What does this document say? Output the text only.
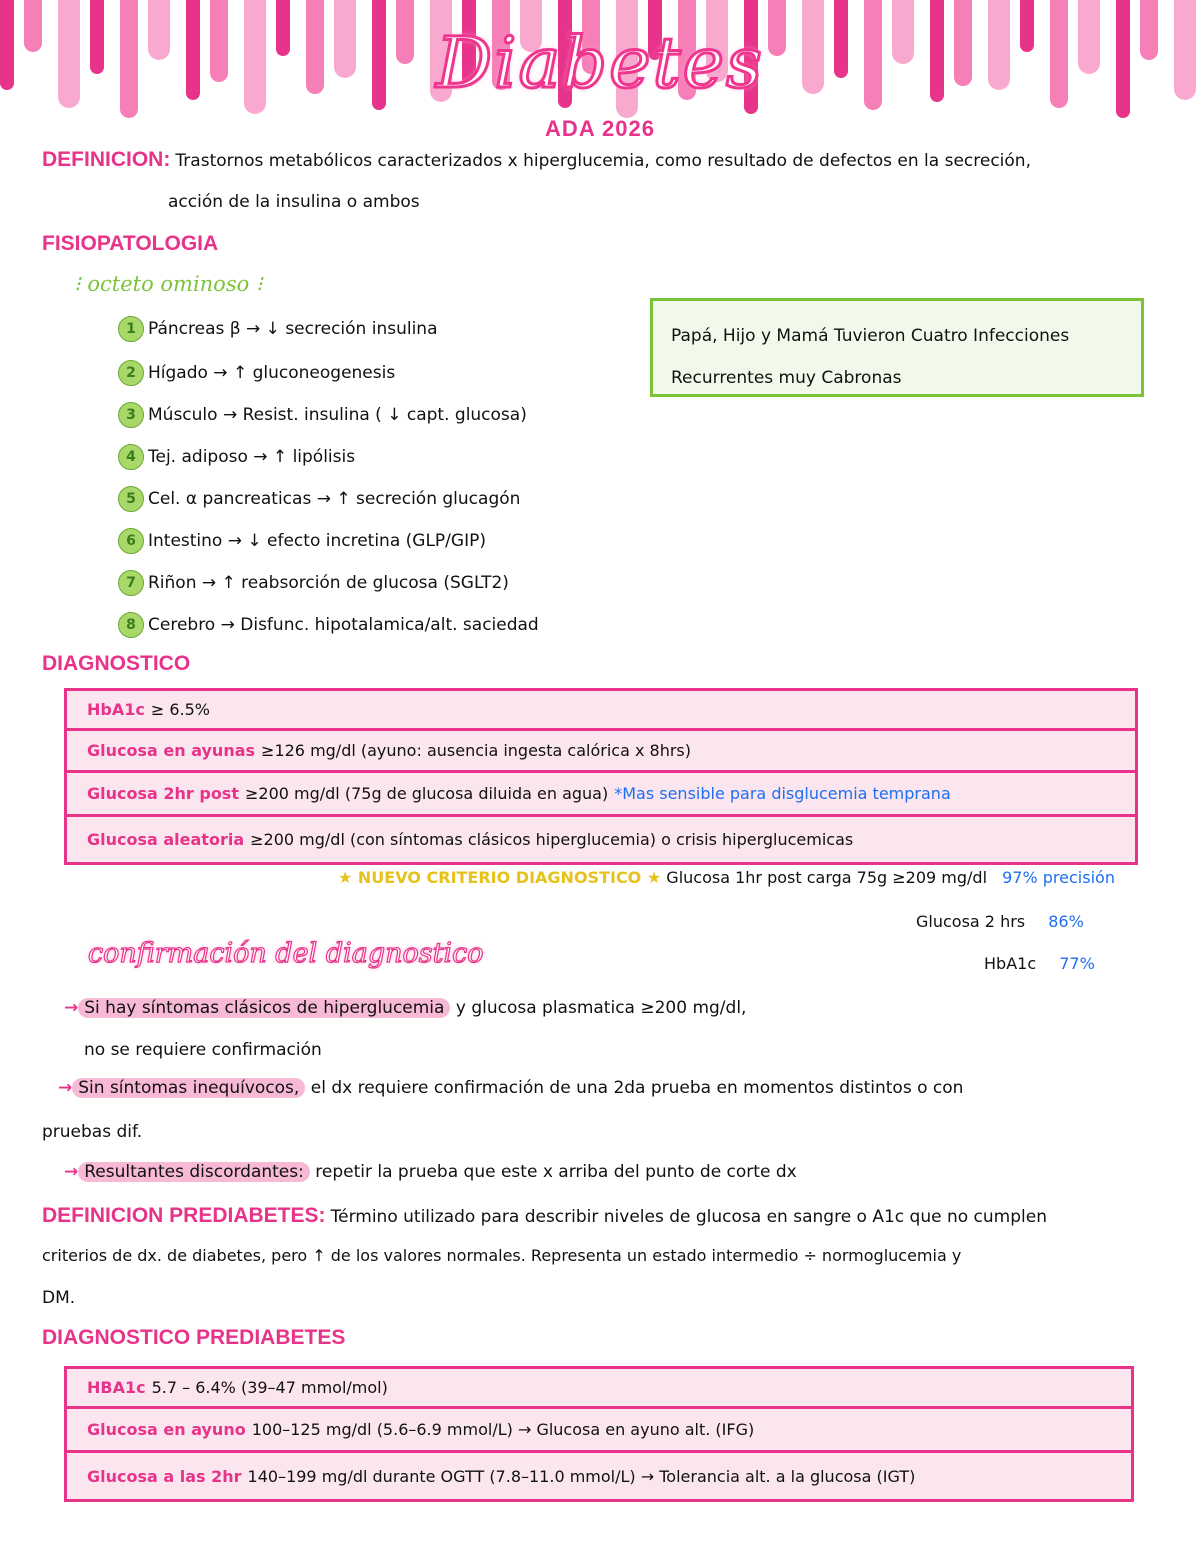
Diabetes
ADA 2026
DEFINICION: Trastornos metabólicos caracterizados x hiperglucemia, como resultado de defectos en la secreción,
acción de la insulina o ambos
FISIOPATOLOGIA
⁝ octeto ominoso ⁝
1 Páncreas β → ↓ secreción insulina
2 Hígado → ↑ gluconeogenesis
3 Músculo → Resist. insulina ( ↓ capt. glucosa)
4 Tej. adiposo → ↑ lipólisis
5 Cel. α pancreaticas → ↑ secreción glucagón
6 Intestino → ↓ efecto incretina (GLP/GIP)
7 Riñon → ↑ reabsorción de glucosa (SGLT2)
8 Cerebro → Disfunc. hipotalamica/alt. saciedad
Papá, Hijo y Mamá Tuvieron Cuatro Infecciones
Recurrentes muy Cabronas
DIAGNOSTICO
HbA1c ≥ 6.5%
Glucosa en ayunas ≥126 mg/dl (ayuno: ausencia ingesta calórica x 8hrs)
Glucosa 2hr post ≥200 mg/dl (75g de glucosa diluida en agua) *Mas sensible para disglucemia temprana
Glucosa aleatoria ≥200 mg/dl (con síntomas clásicos hiperglucemia) o crisis hiperglucemicas
★ NUEVO CRITERIO DIAGNOSTICO ★ Glucosa 1hr post carga 75g ≥209 mg/dl 97% precisión
Glucosa 2 hrs 86%
HbA1c 77%
confirmación del diagnostico
→ Si hay síntomas clásicos de hiperglucemia y glucosa plasmatica ≥200 mg/dl,
no se requiere confirmación
→ Sin síntomas inequívocos, el dx requiere confirmación de una 2da prueba en momentos distintos o con
pruebas dif.
→ Resultantes discordantes: repetir la prueba que este x arriba del punto de corte dx
DEFINICION PREDIABETES: Término utilizado para describir niveles de glucosa en sangre o A1c que no cumplen
criterios de dx. de diabetes, pero ↑ de los valores normales. Representa un estado intermedio ÷ normoglucemia y
DM.
DIAGNOSTICO PREDIABETES
HBA1c 5.7 – 6.4% (39–47 mmol/mol)
Glucosa en ayuno 100–125 mg/dl (5.6–6.9 mmol/L) → Glucosa en ayuno alt. (IFG)
Glucosa a las 2hr 140–199 mg/dl durante OGTT (7.8–11.0 mmol/L) → Tolerancia alt. a la glucosa (IGT)
